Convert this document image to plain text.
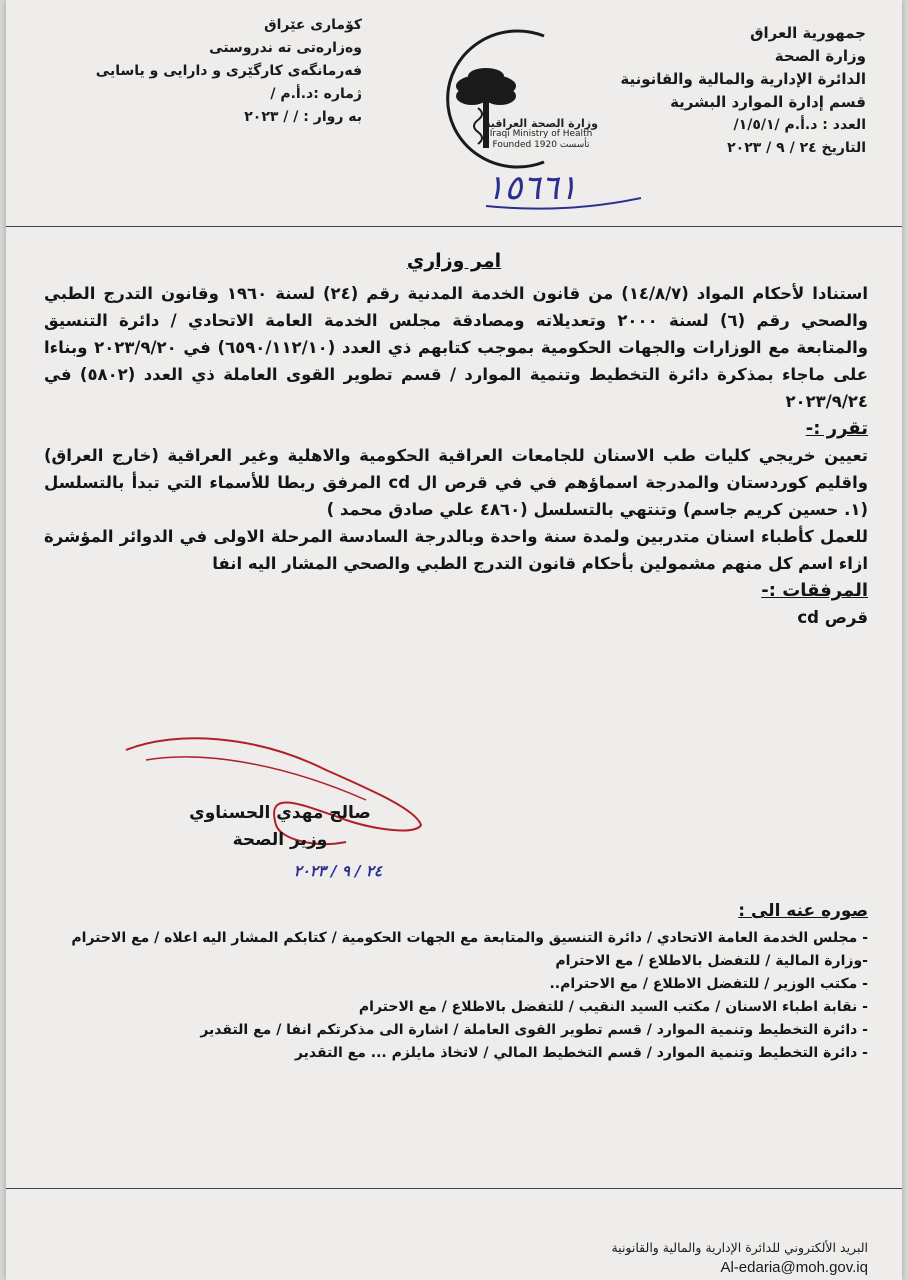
جمهورية العراق
وزارة الصحة
الدائرة الإدارية والمالية والقانونية
قسم إدارة الموارد البشرية
العدد : د.أ.م /١/٥/١/
التاريخ ٢٤ / ٩ / ٢٠٢٣
كۆماری عێراق
وەزارەتی تە ندروستی
فەرمانگەی كارگێری و دارایی و یاسایی
ژمارە :د.أ.م /
بە روار : / / ٢٠٢٣	وزارة الصحة العراقية
Iraqi Ministry of Health
Founded 1920 تأسست
١٥٦٦١
امر وزاري

استنادا لأحكام المواد (١٤/٨/٧) من قانون الخدمة المدنية رقم (٢٤) لسنة ١٩٦٠ وقانون التدرج الطبي والصحي رقم (٦) لسنة ٢٠٠٠ وتعديلاته ومصادقة مجلس الخدمة العامة الاتحادي / دائرة التنسيق والمتابعة مع الوزارات والجهات الحكومية بموجب كتابهم ذي العدد (٦٥٩٠/١١٢/١٠) في ٢٠٢٣/٩/٢٠ وبناءا على ماجاء بمذكرة دائرة التخطيط وتنمية الموارد / قسم تطوير القوى العاملة ذي العدد (٥٨٠٢) في ٢٠٢٣/٩/٢٤

تقرر :-

تعيين خريجي كليات طب الاسنان للجامعات العراقية الحكومية والاهلية وغير العراقية (خارج العراق) واقليم كوردستان والمدرجة اسماؤهم في في قرص ال cd المرفق ربطا للأسماء التي تبدأ بالتسلسل (١. حسين كريم جاسم) وتنتهي بالتسلسل (٤٨٦٠ علي صادق محمد )

للعمل كأطباء اسنان متدربين ولمدة سنة واحدة وبالدرجة السادسة المرحلة الاولى في الدوائر المؤشرة ازاء اسم كل منهم مشمولين بأحكام قانون التدرج الطبي والصحي المشار اليه انفا

المرفقات :-

قرص cd

صالح مهدي الحسناوي
وزير الصحة
٢٤ / ٩ / ٢٠٢٣
صوره عنه الى :
- مجلس الخدمة العامة الاتحادي / دائرة التنسيق والمتابعة مع الجهات الحكومية / كتابكم المشار اليه اعلاه / مع الاحترام
-وزارة المالية / للتفضل بالاطلاع / مع الاحترام
- مكتب الوزير / للتفضل الاطلاع / مع الاحترام..
- نقابة اطباء الاسنان / مكتب السيد النقيب / للتفضل بالاطلاع / مع الاحترام
- دائرة التخطيط وتنمية الموارد / قسم تطوير القوى العاملة / اشارة الى مذكرتكم انفا / مع التقدير
- دائرة التخطيط وتنمية الموارد / قسم التخطيط المالي / لاتخاذ مايلزم ... مع التقدير
البريد الألكتروني للدائرة الإدارية والمالية والقانونية
Al-edaria@moh.gov.iq
